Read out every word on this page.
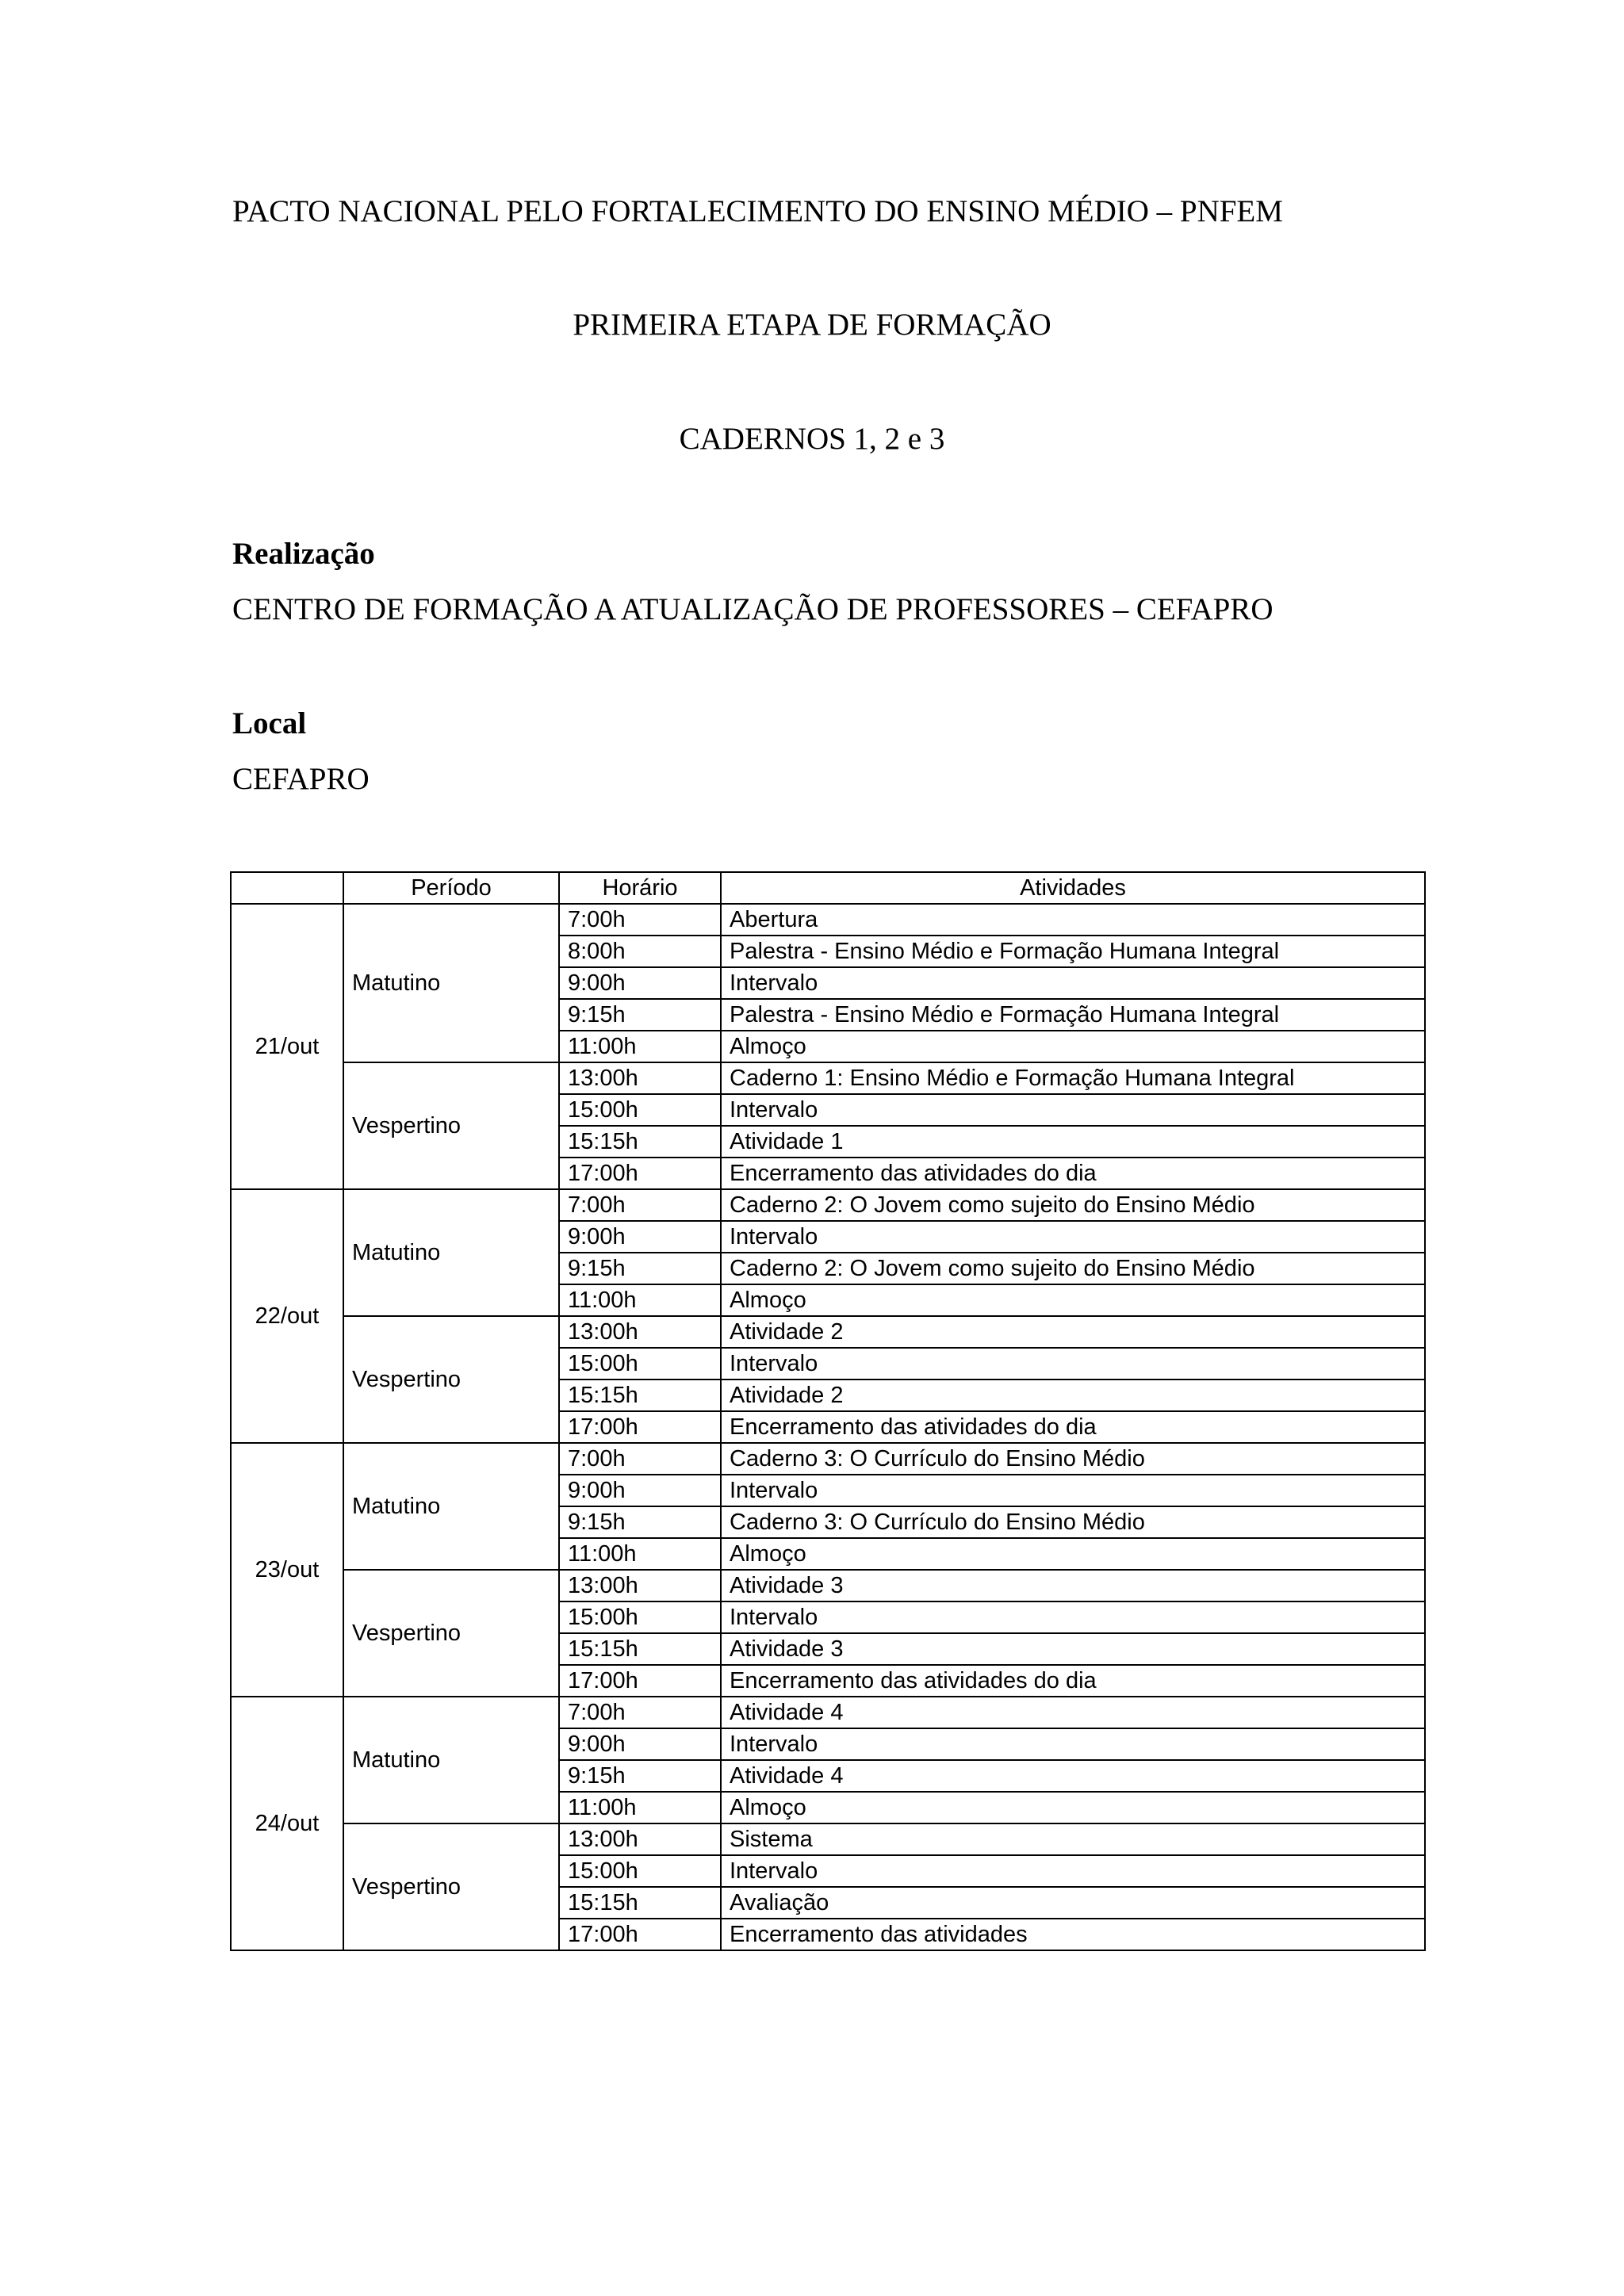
PACTO NACIONAL PELO FORTALECIMENTO DO ENSINO MÉDIO – PNFEM
PRIMEIRA ETAPA DE FORMAÇÃO
CADERNOS 1, 2 e 3
Realização
CENTRO DE FORMAÇÃO A ATUALIZAÇÃO DE PROFESSORES – CEFAPRO
Local
CEFAPRO
	Período	Horário	Atividades
21/out	Matutino	7:00h	Abertura
		8:00h	Palestra - Ensino Médio e Formação Humana Integral
		9:00h	Intervalo
		9:15h	Palestra - Ensino Médio e Formação Humana Integral
		11:00h	Almoço
	Vespertino	13:00h	Caderno 1: Ensino Médio e Formação Humana Integral
		15:00h	Intervalo
		15:15h	Atividade 1
		17:00h	Encerramento das atividades do dia
22/out	Matutino	7:00h	Caderno 2: O Jovem como sujeito do Ensino Médio
		9:00h	Intervalo
		9:15h	Caderno 2: O Jovem como sujeito do Ensino Médio
		11:00h	Almoço
	Vespertino	13:00h	Atividade 2
		15:00h	Intervalo
		15:15h	Atividade 2
		17:00h	Encerramento das atividades do dia
23/out	Matutino	7:00h	Caderno 3: O Currículo do Ensino Médio
		9:00h	Intervalo
		9:15h	Caderno 3: O Currículo do Ensino Médio
		11:00h	Almoço
	Vespertino	13:00h	Atividade 3
		15:00h	Intervalo
		15:15h	Atividade 3
		17:00h	Encerramento das atividades do dia
24/out	Matutino	7:00h	Atividade 4
		9:00h	Intervalo
		9:15h	Atividade 4
		11:00h	Almoço
	Vespertino	13:00h	Sistema
		15:00h	Intervalo
		15:15h	Avaliação
		17:00h	Encerramento das atividades
